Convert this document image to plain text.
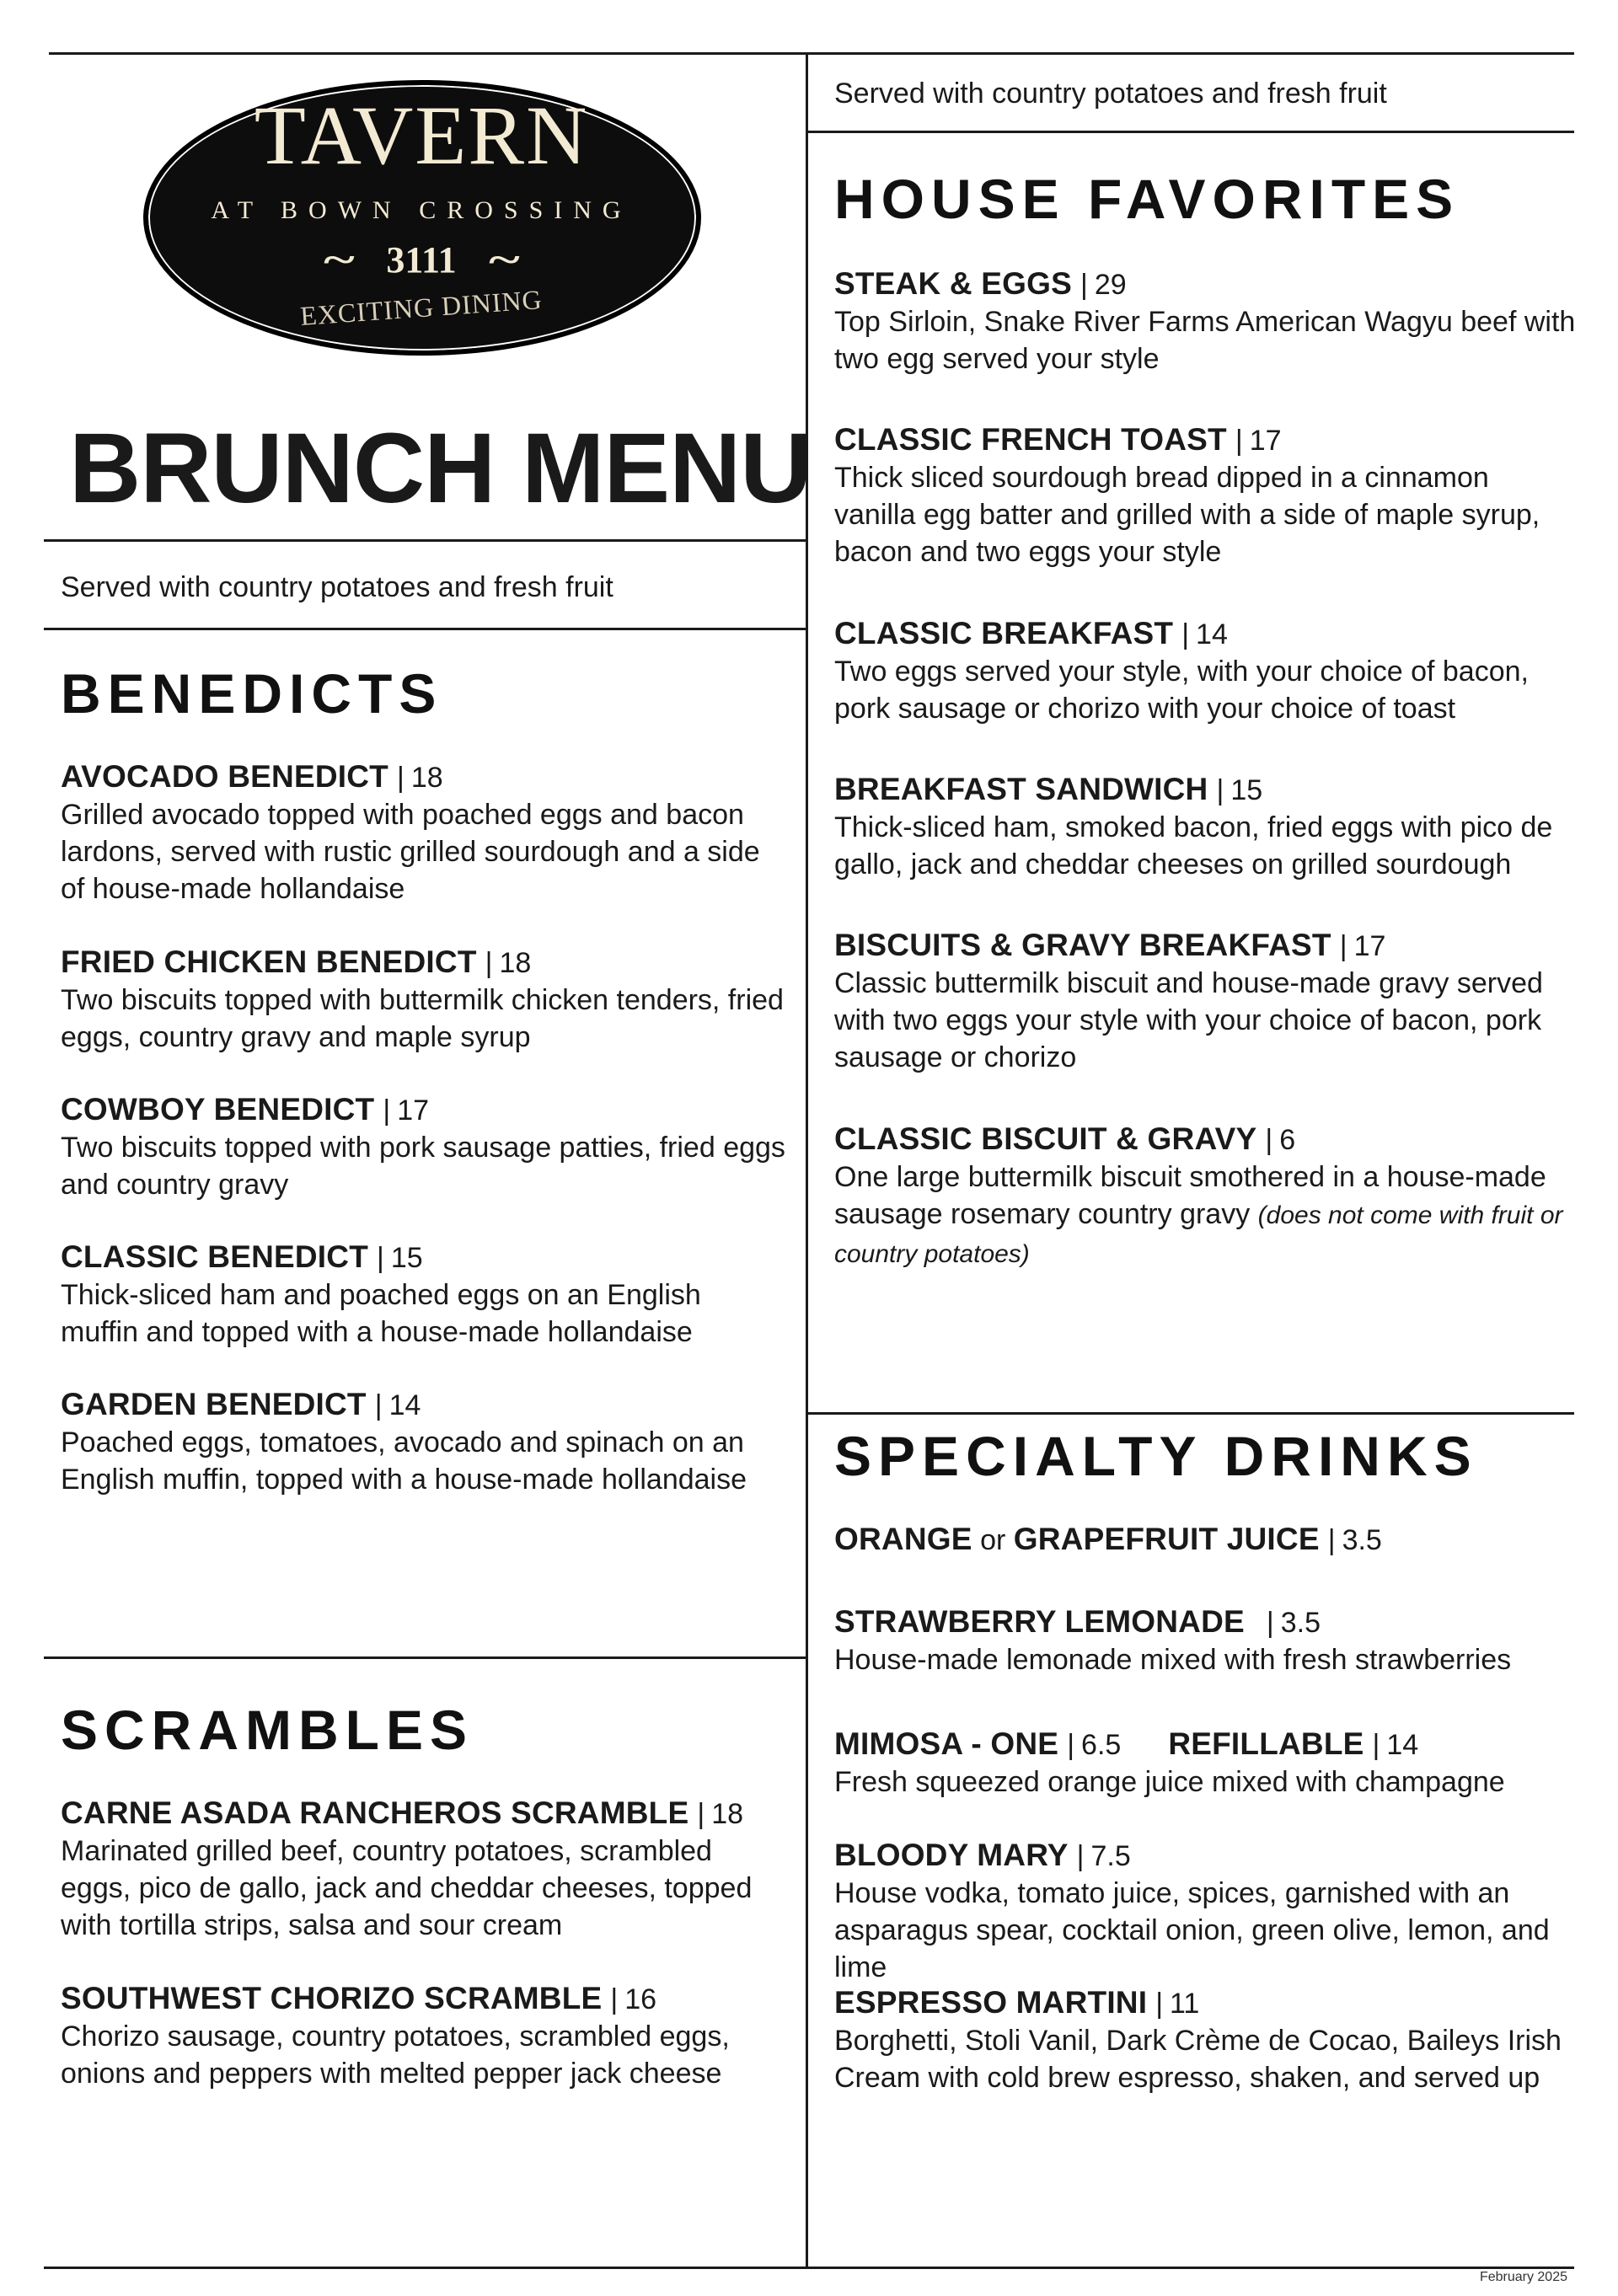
TAVERN
AT BOWN CROSSING
~ 3111 ~
EXCITING DINING
BRUNCH MENU
Served with country potatoes and fresh fruit
BENEDICTS
AVOCADO BENEDICT | 18
Grilled avocado topped with poached eggs and bacon lardons, served with rustic grilled sourdough and a side of house-made hollandaise
FRIED CHICKEN BENEDICT | 18
Two biscuits topped with buttermilk chicken tenders, fried eggs, country gravy and maple syrup
COWBOY BENEDICT | 17
Two biscuits topped with pork sausage patties, fried eggs and country gravy
CLASSIC BENEDICT | 15
Thick-sliced ham and poached eggs on an English muffin and topped with a house-made hollandaise
GARDEN BENEDICT | 14
Poached eggs, tomatoes, avocado and spinach on an English muffin, topped with a house-made hollandaise
SCRAMBLES
CARNE ASADA RANCHEROS SCRAMBLE | 18
Marinated grilled beef, country potatoes, scrambled eggs, pico de gallo, jack and cheddar cheeses, topped with tortilla strips, salsa and sour cream
SOUTHWEST CHORIZO SCRAMBLE | 16
Chorizo sausage, country potatoes, scrambled eggs, onions and peppers with melted pepper jack cheese
Served with country potatoes and fresh fruit
HOUSE FAVORITES
STEAK & EGGS | 29
Top Sirloin, Snake River Farms American Wagyu beef with two egg served your style
CLASSIC FRENCH TOAST | 17
Thick sliced sourdough bread dipped in a cinnamon vanilla egg batter and grilled with a side of maple syrup, bacon and two eggs your style
CLASSIC BREAKFAST | 14
Two eggs served your style, with your choice of bacon, pork sausage or chorizo with your choice of toast
BREAKFAST SANDWICH | 15
Thick-sliced ham, smoked bacon, fried eggs with pico de gallo, jack and cheddar cheeses on grilled sourdough
BISCUITS & GRAVY BREAKFAST | 17
Classic buttermilk biscuit and house-made gravy served with two eggs your style with your choice of bacon, pork sausage or chorizo
CLASSIC BISCUIT & GRAVY | 6
One large buttermilk biscuit smothered in a house-made sausage rosemary country gravy (does not come with fruit or country potatoes)
SPECIALTY DRINKS
ORANGE or GRAPEFRUIT JUICE | 3.5
STRAWBERRY LEMONADE | 3.5
House-made lemonade mixed with fresh strawberries
MIMOSA - ONE | 6.5 REFILLABLE | 14
Fresh squeezed orange juice mixed with champagne
BLOODY MARY | 7.5
House vodka, tomato juice, spices, garnished with an asparagus spear, cocktail onion, green olive, lemon, and lime
ESPRESSO MARTINI | 11
Borghetti, Stoli Vanil, Dark Crème de Cocao, Baileys Irish Cream with cold brew espresso, shaken, and served up
February 2025
